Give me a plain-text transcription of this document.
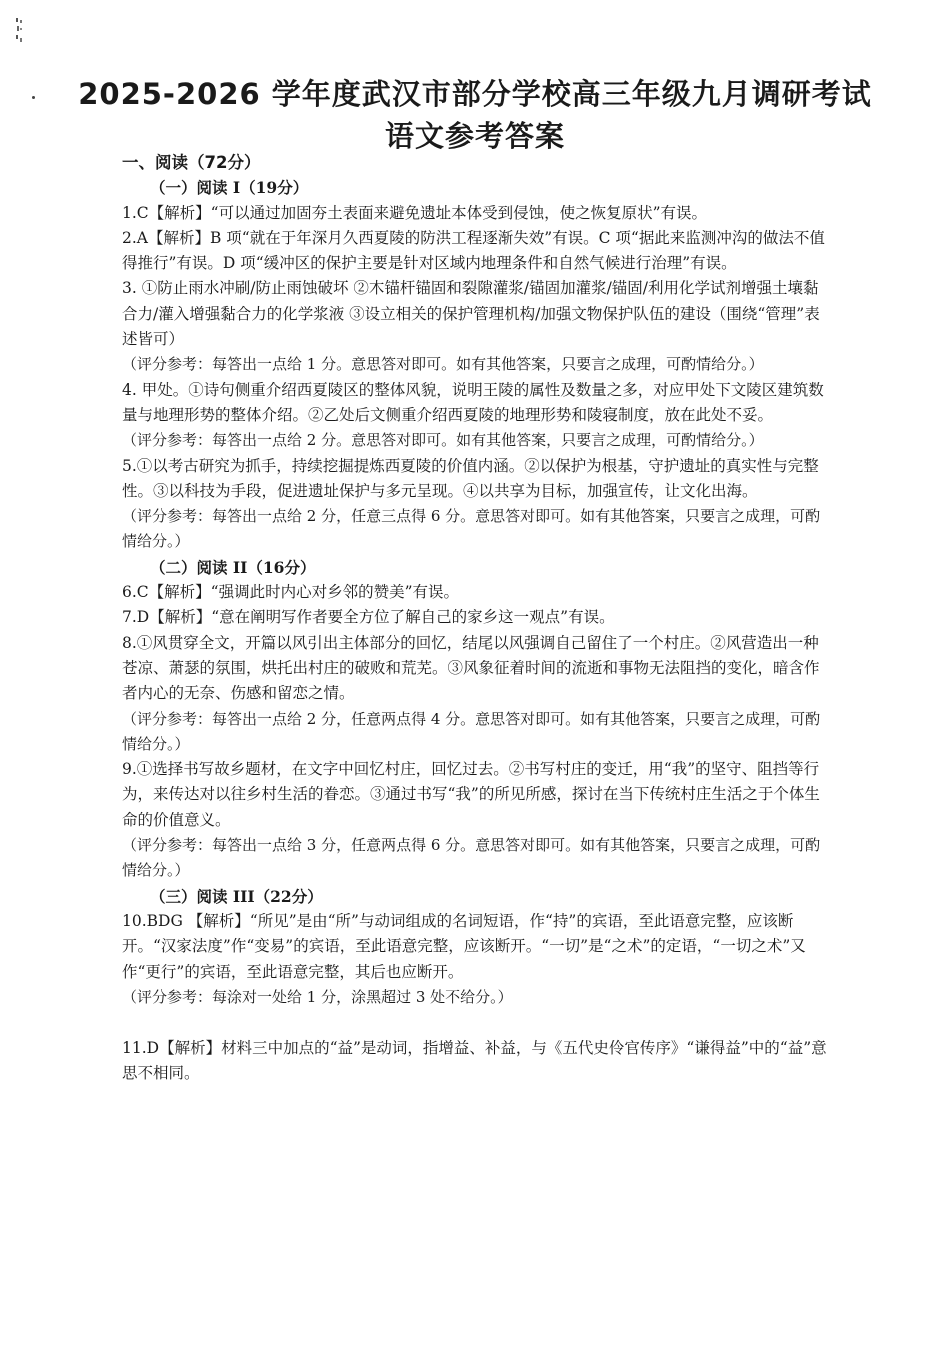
2025-2026 学年度武汉市部分学校高三年级九月调研考试
语文参考答案

一、阅读（72分）

（一）阅读 I（19分）

1.C【解析】“可以通过加固夯土表面来避免遗址本体受到侵蚀，使之恢复原状”有误。

2.A【解析】B 项“就在于年深月久西夏陵的防洪工程逐渐失效”有误。C 项“据此来监测冲沟的做法不值得推行”有误。D 项“缓冲区的保护主要是针对区域内地理条件和自然气候进行治理”有误。

3. ①防止雨水冲刷/防止雨蚀破坏 ②木锚杆锚固和裂隙灌浆/锚固加灌浆/锚固/利用化学试剂增强土壤黏合力/灌入增强黏合力的化学浆液 ③设立相关的保护管理机构/加强文物保护队伍的建设（围绕“管理”表述皆可）

（评分参考：每答出一点给 1 分。意思答对即可。如有其他答案，只要言之成理，可酌情给分。）

4. 甲处。①诗句侧重介绍西夏陵区的整体风貌，说明王陵的属性及数量之多，对应甲处下文陵区建筑数量与地理形势的整体介绍。②乙处后文侧重介绍西夏陵的地理形势和陵寝制度，放在此处不妥。

（评分参考：每答出一点给 2 分。意思答对即可。如有其他答案，只要言之成理，可酌情给分。）

5.①以考古研究为抓手，持续挖掘提炼西夏陵的价值内涵。②以保护为根基，守护遗址的真实性与完整性。③以科技为手段，促进遗址保护与多元呈现。④以共享为目标，加强宣传，让文化出海。

（评分参考：每答出一点给 2 分，任意三点得 6 分。意思答对即可。如有其他答案，只要言之成理，可酌情给分。）

（二）阅读 II（16分）

6.C【解析】“强调此时内心对乡邻的赞美”有误。

7.D【解析】“意在阐明写作者要全方位了解自己的家乡这一观点”有误。

8.①风贯穿全文，开篇以风引出主体部分的回忆，结尾以风强调自己留住了一个村庄。②风营造出一种苍凉、萧瑟的氛围，烘托出村庄的破败和荒芜。③风象征着时间的流逝和事物无法阻挡的变化，暗含作者内心的无奈、伤感和留恋之情。

（评分参考：每答出一点给 2 分，任意两点得 4 分。意思答对即可。如有其他答案，只要言之成理，可酌情给分。）

9.①选择书写故乡题材，在文字中回忆村庄，回忆过去。②书写村庄的变迁，用“我”的坚守、阻挡等行为，来传达对以往乡村生活的眷恋。③通过书写“我”的所见所感，探讨在当下传统村庄生活之于个体生命的价值意义。

（评分参考：每答出一点给 3 分，任意两点得 6 分。意思答对即可。如有其他答案，只要言之成理，可酌情给分。）

（三）阅读 III（22分）

10.BDG 【解析】“所见”是由“所”与动词组成的名词短语，作“持”的宾语，至此语意完整，应该断开。“汉家法度”作“变易”的宾语，至此语意完整，应该断开。“一切”是“之术”的定语，“一切之术”又作“更行”的宾语，至此语意完整，其后也应断开。

（评分参考：每涂对一处给 1 分，涂黑超过 3 处不给分。）

11.D【解析】材料三中加点的“益”是动词，指增益、补益，与《五代史伶官传序》“谦得益”中的“益”意思不相同。
